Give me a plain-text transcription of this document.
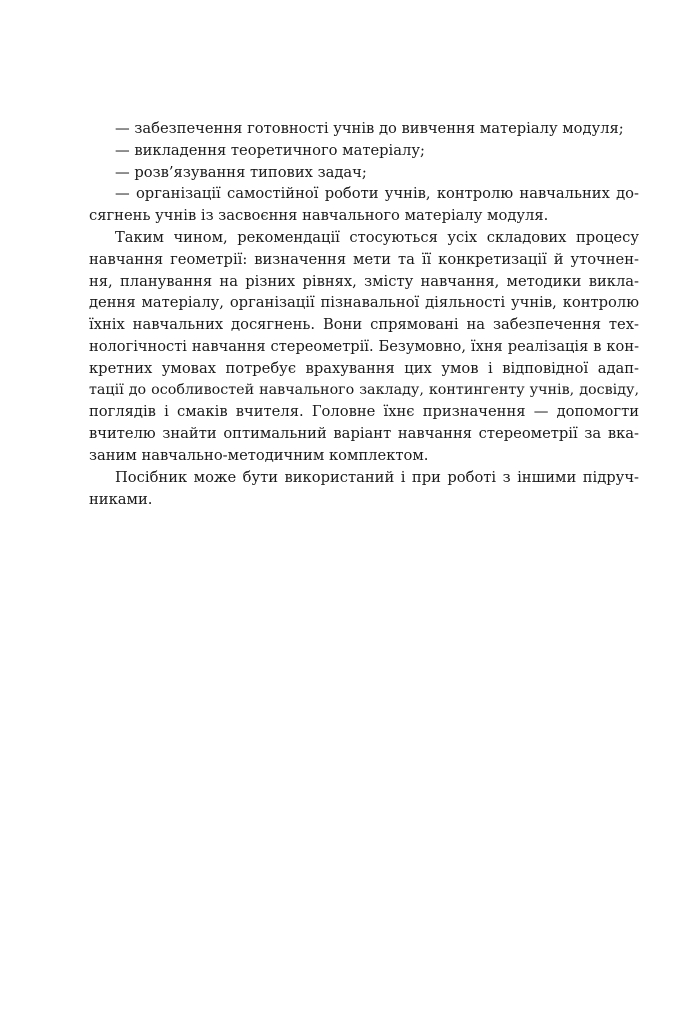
— забезпечення готовності учнів до вивчення матеріалу модуля;
— викладення теоретичного матеріалу;
— розв’язування типових задач;
— організації самостійної роботи учнів, контролю навчальних до-
сягнень учнів із засвоєння навчального матеріалу модуля.
Таким чином, рекомендації стосуються усіх складових процесу
навчання геометрії: визначення мети та її конкретизації й уточнен-
ня, планування на різних рівнях, змісту навчання, методики викла-
дення матеріалу, організації пізнавальної діяльності учнів, контролю
їхніх навчальних досягнень. Вони спрямовані на забезпечення тех-
нологічності навчання стереометрії. Безумовно, їхня реалізація в кон-
кретних умовах потребує врахування цих умов і відповідної адап-
тації до особливостей навчального закладу, контингенту учнів, досвіду,
поглядів і смаків вчителя. Головне їхнє призначення — допомогти
вчителю знайти оптимальний варіант навчання стереометрії за вка-
заним навчально-методичним комплектом.
Посібник може бути використаний і при роботі з іншими підруч-
никами.
